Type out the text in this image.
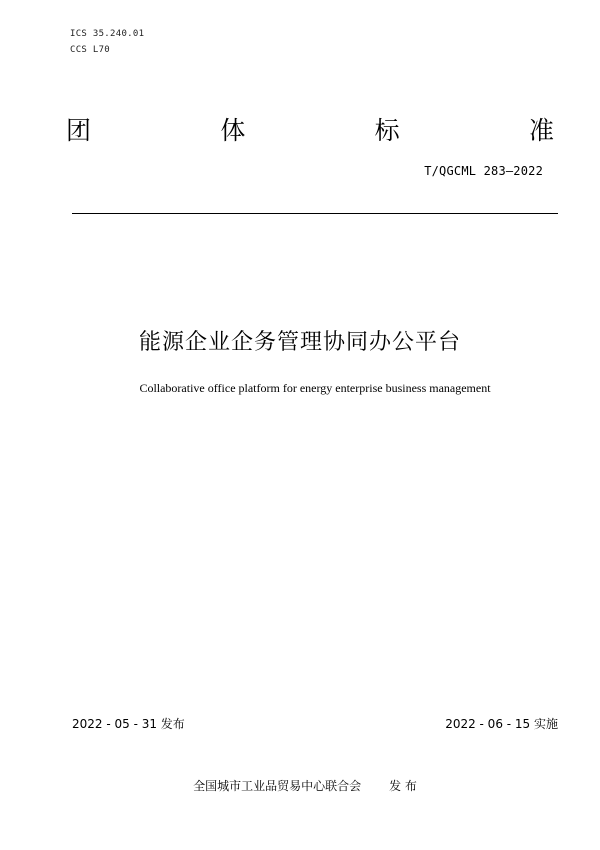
ICS 35.240.01
CCS L70
团	体	标	准
T/QGCML 283—2022
能源企业企务管理协同办公平台
Collaborative office platform for energy enterprise business management
2022 - 05 - 31 发布	2022 - 06 - 15 实施
全国城市工业品贸易中心联合会 发 布
